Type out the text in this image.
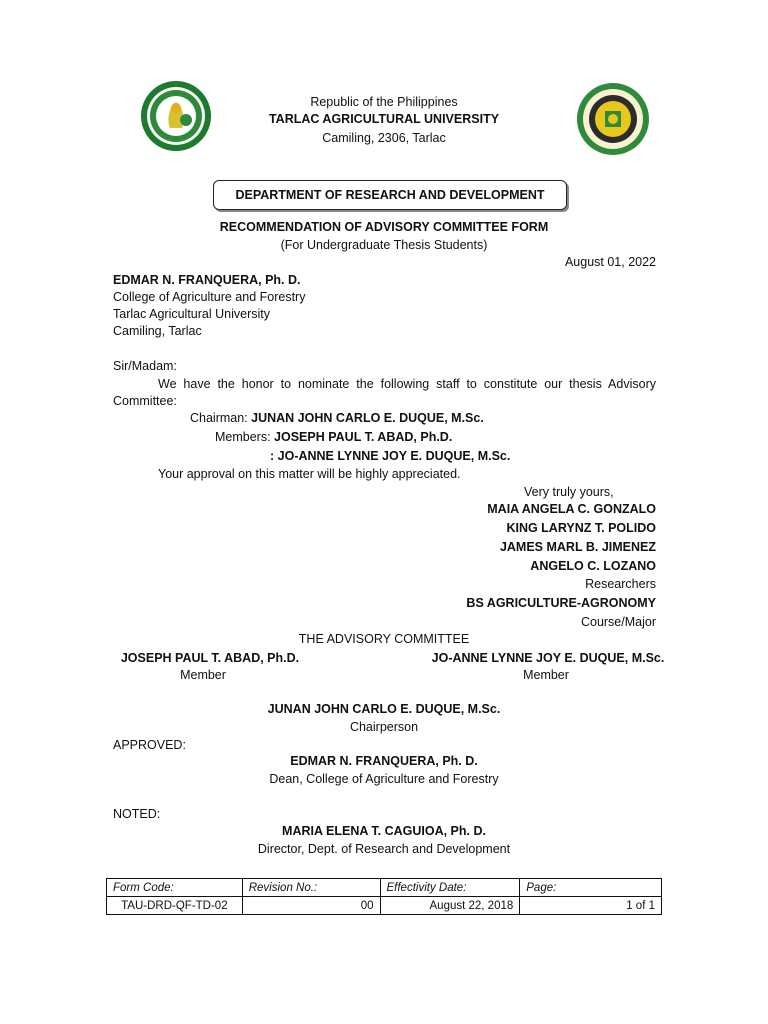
Republic of the Philippines
TARLAC AGRICULTURAL UNIVERSITY
Camiling, 2306, Tarlac
DEPARTMENT OF RESEARCH AND DEVELOPMENT
RECOMMENDATION OF ADVISORY COMMITTEE FORM
(For Undergraduate Thesis Students)
August 01, 2022
EDMAR N. FRANQUERA, Ph. D.
College of Agriculture and Forestry
Tarlac Agricultural University
Camiling, Tarlac
Sir/Madam:
We have the honor to nominate the following staff to constitute our thesis Advisory
Committee:
Chairman: JUNAN JOHN CARLO E. DUQUE, M.Sc.
Members: JOSEPH PAUL T. ABAD, Ph.D.
: JO-ANNE LYNNE JOY E. DUQUE, M.Sc.
Your approval on this matter will be highly appreciated.
Very truly yours,
MAIA ANGELA C. GONZALO
KING LARYNZ T. POLIDO
JAMES MARL B. JIMENEZ
ANGELO C. LOZANO
Researchers
BS AGRICULTURE-AGRONOMY
Course/Major
THE ADVISORY COMMITTEE
JOSEPH PAUL T. ABAD, Ph.D.
Member
JO-ANNE LYNNE JOY E. DUQUE, M.Sc.
Member
JUNAN JOHN CARLO E. DUQUE, M.Sc.
Chairperson
APPROVED:
EDMAR N. FRANQUERA, Ph. D.
Dean, College of Agriculture and Forestry
NOTED:
MARIA ELENA T. CAGUIOA, Ph. D.
Director, Dept. of Research and Development
Form Code:	Revision No.:	Effectivity Date:	Page:
TAU-DRD-QF-TD-02	00	August 22, 2018	1 of 1
